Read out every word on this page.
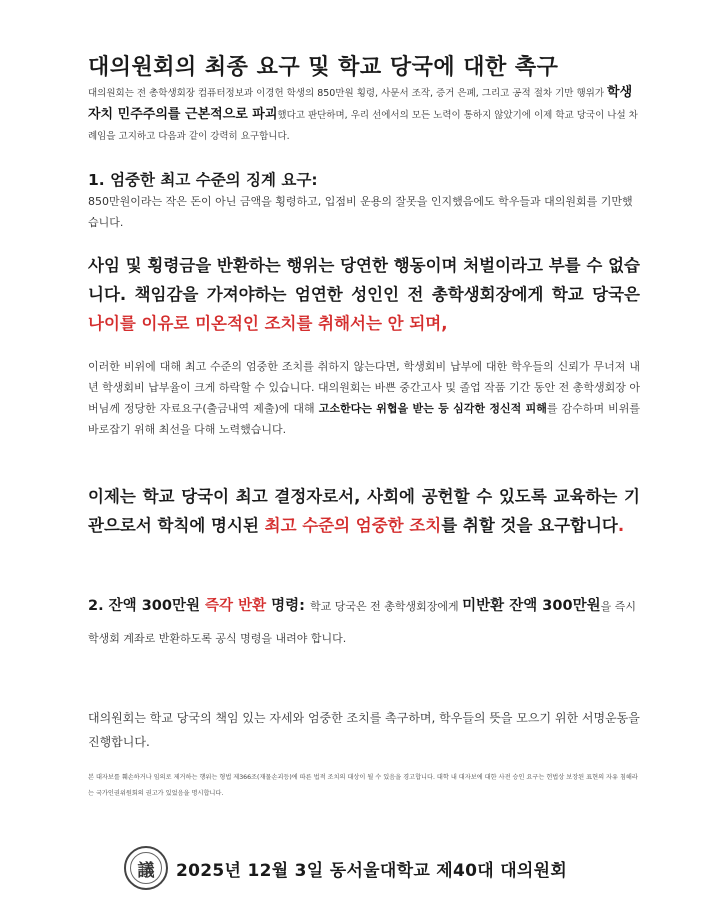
대의원회의 최종 요구 및 학교 당국에 대한 촉구
대의원회는 전 총학생회장 컴퓨터정보과 이경헌 학생의 850만원 횡령, 사문서 조작, 증거 은폐, 그리고 공적 절차 기만 행위가 학생 자치 민주주의를 근본적으로 파괴했다고 판단하며, 우리 선에서의 모든 노력이 통하지 않았기에 이제 학교 당국이 나설 차례임을 고지하고 다음과 같이 강력히 요구합니다.
1. 엄중한 최고 수준의 징계 요구:
850만원이라는 작은 돈이 아닌 금액을 횡령하고, 입점비 운용의 잘못을 인지했음에도 학우들과 대의원회를 기만했습니다.
사임 및 횡령금을 반환하는 행위는 당연한 행동이며 처벌이라고 부를 수 없습니다. 책임감을 가져야하는 엄연한 성인인 전 총학생회장에게 학교 당국은 나이를 이유로 미온적인 조치를 취해서는 안 되며,
이러한 비위에 대해 최고 수준의 엄중한 조치를 취하지 않는다면, 학생회비 납부에 대한 학우들의 신뢰가 무너져 내년 학생회비 납부율이 크게 하락할 수 있습니다. 대의원회는 바쁜 중간고사 및 졸업 작품 기간 동안 전 총학생회장 아버님께 정당한 자료요구(출금내역 제출)에 대해 고소한다는 위협을 받는 등 심각한 정신적 피해를 감수하며 비위를 바로잡기 위해 최선을 다해 노력했습니다.
이제는 학교 당국이 최고 결정자로서, 사회에 공헌할 수 있도록 교육하는 기관으로서 학칙에 명시된 최고 수준의 엄중한 조치를 취할 것을 요구합니다.
2. 잔액 300만원 즉각 반환 명령: 학교 당국은 전 총학생회장에게 미반환 잔액 300만원을 즉시 학생회 계좌로 반환하도록 공식 명령을 내려야 합니다.
대의원회는 학교 당국의 책임 있는 자세와 엄중한 조치를 촉구하며, 학우들의 뜻을 모으기 위한 서명운동을 진행합니다.
본 대자보를 훼손하거나 임의로 제거하는 행위는 형법 제366조(재물손괴등)에 따른 법적 조치의 대상이 될 수 있음을 경고합니다. 대학 내 대자보에 대한 사전 승인 요구는 헌법상 보장된 표현의 자유 침해라는 국가인권위원회의 권고가 있었음을 명시합니다.
議	2025년 12월 3일 동서울대학교 제40대 대의원회
